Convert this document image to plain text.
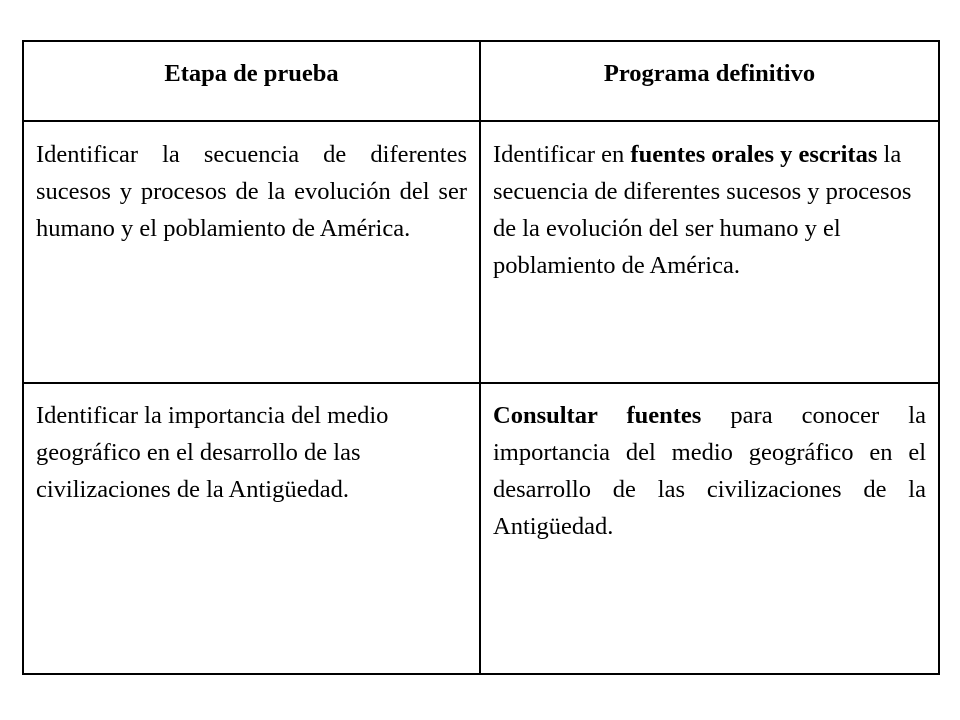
Etapa de prueba	Programa definitivo
Identificar la secuencia de diferentes sucesos y procesos de la evolución del ser humano y el poblamiento de América.	Identificar en fuentes orales y escritas la secuencia de diferentes sucesos y procesos de la evolución del ser humano y el poblamiento de América.
Identificar la importancia del medio geográfico en el desarrollo de las civilizaciones de la Antigüedad.	Consultar fuentes para conocer la importancia del medio geográfico en el desarrollo de las civilizaciones de la Antigüedad.
